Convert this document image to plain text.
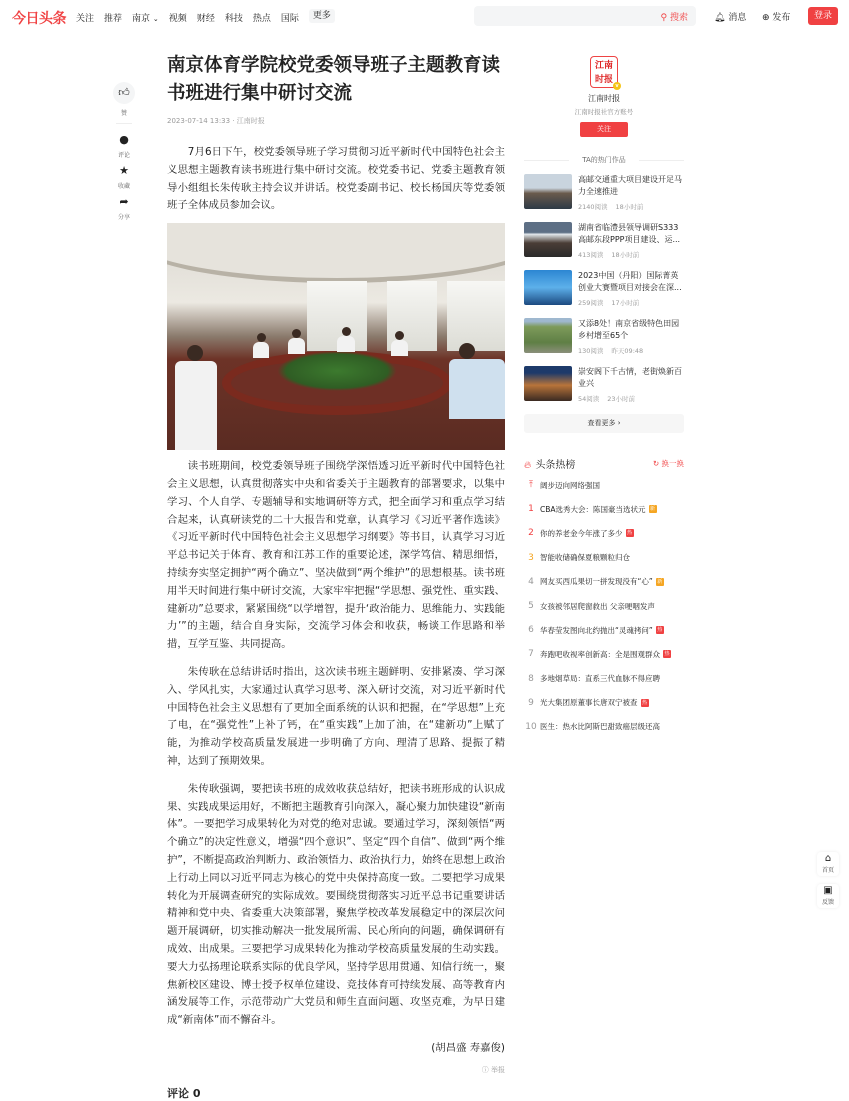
今日头条 关注 推荐 南京 ⌄ 视频 财经 科技 热点 国际	更多	⚲ 搜索	🔔︎ 消息 ⊕ 发布	登录
👍︎
赞
●
评论
★
收藏
➦
分享
南京体育学院校党委领导班子主题教育读书班进行集中研讨交流
2023-07-14 13:33 · 江南时报

7月6日下午，校党委领导班子学习贯彻习近平新时代中国特色社会主义思想主题教育读书班进行集中研讨交流。校党委书记、党委主题教育领导小组组长朱传耿主持会议并讲话。校党委副书记、校长杨国庆等党委领班子全体成员参加会议。

读书班期间，校党委领导班子围绕学深悟透习近平新时代中国特色社会主义思想，认真贯彻落实中央和省委关于主题教育的部署要求，以集中学习、个人自学、专题辅导和实地调研等方式，把全面学习和重点学习结合起来，认真研读党的二十大报告和党章，认真学习《习近平著作选读》《习近平新时代中国特色社会主义思想学习纲要》等书目，认真学习习近平总书记关于体育、教育和江苏工作的重要论述，深学笃信、精思细悟，持续夯实坚定拥护“两个确立”、坚决做到“两个维护”的思想根基。读书班用半天时间进行集中研讨交流，大家牢牢把握“学思想、强党性、重实践、建新功”总要求，紧紧围绕“以学增智，提升‘政治能力、思维能力、实践能力’”的主题，结合自身实际，交流学习体会和收获，畅谈工作思路和举措，互学互鉴、共同提高。

朱传耿在总结讲话时指出，这次读书班主题鲜明、安排紧凑、学习深入、学风扎实，大家通过认真学习思考、深入研讨交流，对习近平新时代中国特色社会主义思想有了更加全面系统的认识和把握，在“学思想”上充了电，在“强党性”上补了钙，在“重实践”上加了油，在“建新功”上赋了能，为推动学校高质量发展进一步明确了方向、理清了思路、提振了精神，达到了预期效果。

朱传耿强调，要把读书班的成效收获总结好，把读书班形成的认识成果、实践成果运用好，不断把主题教育引向深入，凝心聚力加快建设“新南体”。一要把学习成果转化为对党的绝对忠诚。要通过学习，深刻领悟“两个确立”的决定性意义，增强“四个意识”、坚定“四个自信”、做到“两个维护”，不断提高政治判断力、政治领悟力、政治执行力，始终在思想上政治上行动上同以习近平同志为核心的党中央保持高度一致。二要把学习成果转化为开展调查研究的实际成效。要围绕贯彻落实习近平总书记重要讲话精神和党中央、省委重大决策部署，聚焦学校改革发展稳定中的深层次问题开展调研，切实推动解决一批发展所需、民心所向的问题，确保调研有成效、出成果。三要把学习成果转化为推动学校高质量发展的生动实践。要大力弘扬理论联系实际的优良学风，坚持学思用贯通、知信行统一，聚焦新校区建设、博士授予权单位建设、竞技体育可持续发展、高等教育内涵发展等工作，示范带动广大党员和师生直面问题、攻坚克难，为早日建成“新南体”而不懈奋斗。

(胡昌盛 寿嘉俊)
ⓘ 举报
评论 0
江南
时报
v
江南时报
江南时报社官方账号
关注
TA的热门作品
高邮交通重大项目建设开足马力全速推进
2140阅读 18小时前
湖南省临澧县领导调研S333高邮东段PPP项目建设、运...
413阅读 18小时前
2023中国（丹阳）国际菁英创业大赛暨项目对接会在深...
259阅读 17小时前
又添8处！南京省级特色田园乡村增至65个
130阅读 昨天09:48
崇安阁下千古情，老街焕新百业兴
54阅读 23小时前
查看更多 ›
🔥︎ 头条热榜	↻ 换一换
⤒ 阔步迈向网络强国
1 CBA选秀大会：陈国豪当选状元 新
2 你的养老金今年涨了多少 热
3 智能收储确保夏粮颗粒归仓
4 网友买西瓜果切一拼发现没有“心” 新
5 女孩被邻居爬窗救出 父亲哽咽发声
6 华春莹发图向北约抛出“灵魂拷问” 热
7 奔跑吧收视率创新高：全是围观群众 热
8 多地烟草局：直系三代血脉不得应聘
9 光大集团原董事长唐双宁被查 热
10 医生：热水比阿斯巴甜致癌层级还高
⌂
首页
▣
反馈
